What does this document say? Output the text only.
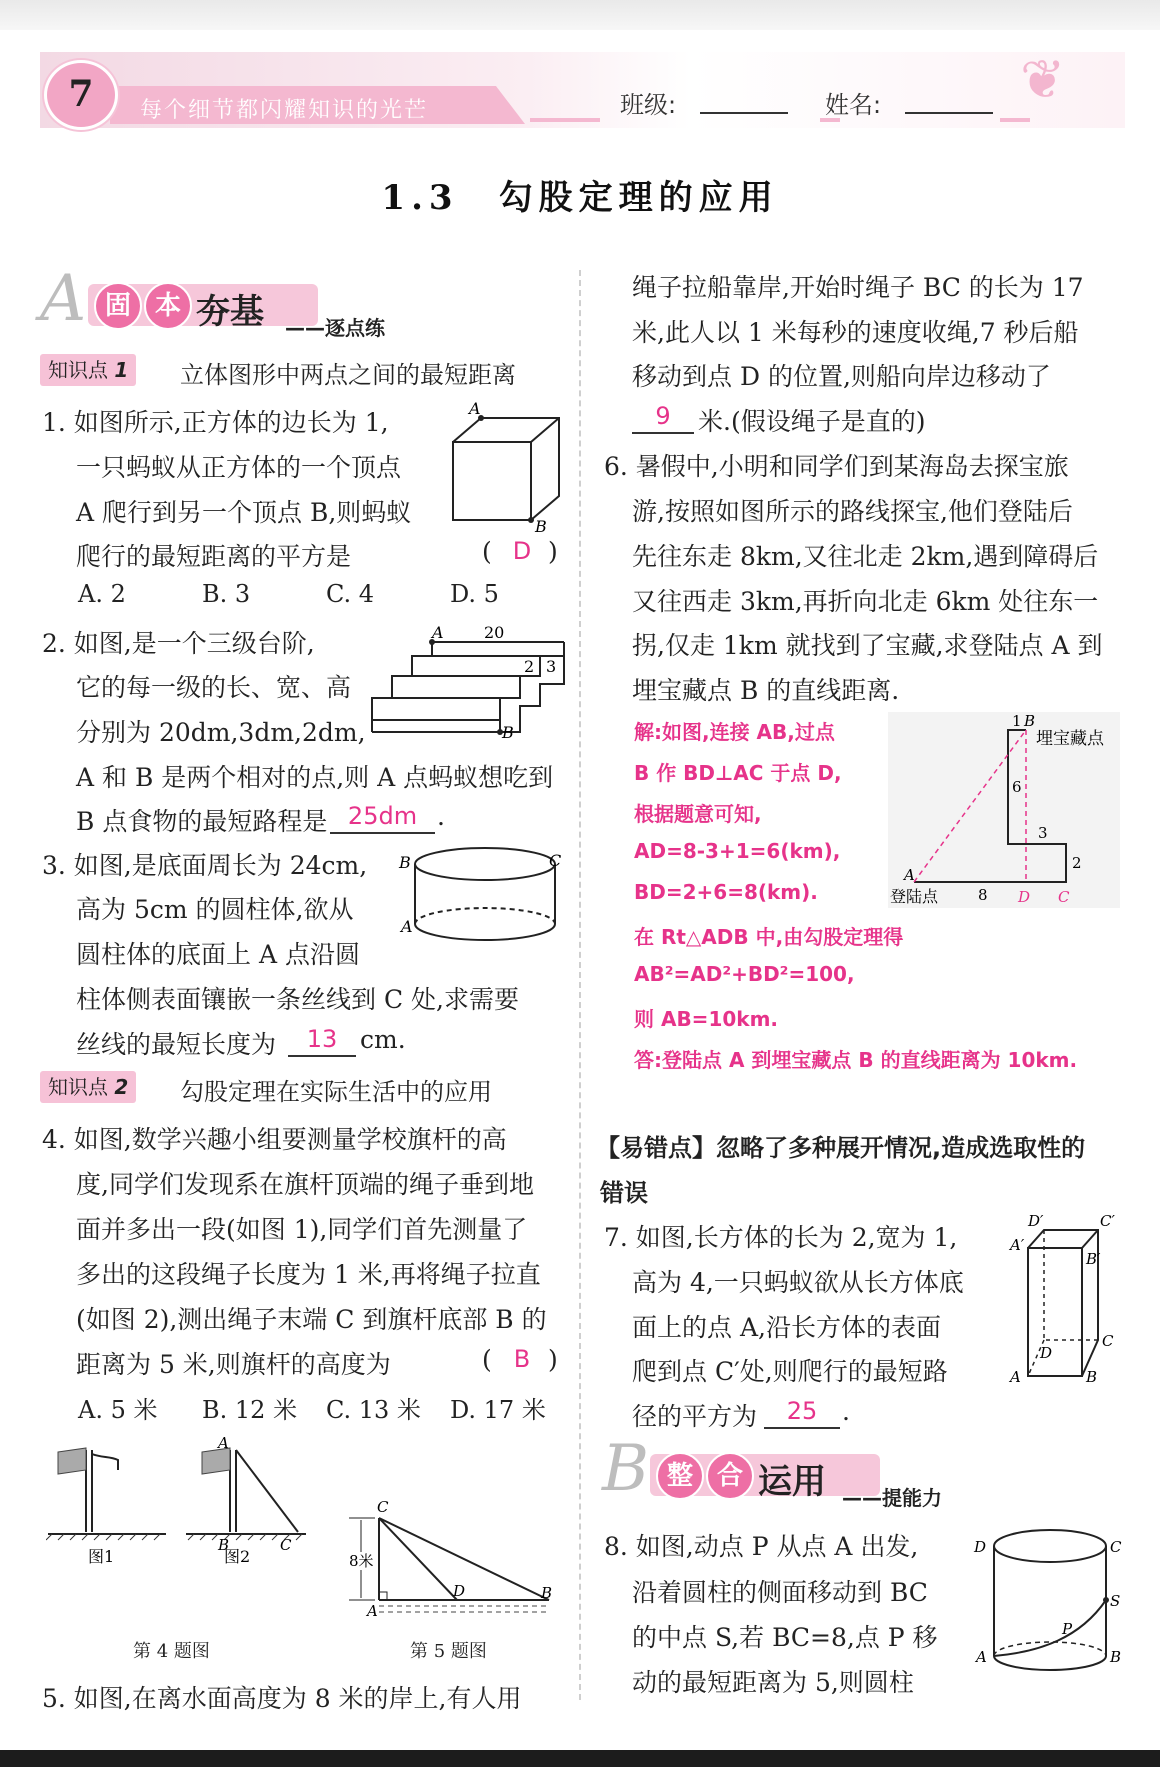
7	每个细节都闪耀知识的光芒	班级:	姓名:	❦
1.3　勾股定理的应用
A 固 本 夯基 ——逐点练
知识点 1	立体图形中两点之间的最短距离
1. 如图所示,正方体的边长为 1,
一只蚂蚁从正方体的一个顶点
A 爬行到另一个顶点 B,则蚂蚁
爬行的最短距离的平方是	( D )
A. 2	B. 3	C. 4	D. 5
A
B
2. 如图,是一个三级台阶,
它的每一级的长、宽、高
分别为 20dm,3dm,2dm,
A 和 B 是两个相对的点,则 A 点蚂蚁想吃到
B 点食物的最短路程是 25dm .
A	20
2 3
B
3. 如图,是底面周长为 24cm,
高为 5cm 的圆柱体,欲从
圆柱体的底面上 A 点沿圆
柱体侧表面镶嵌一条丝线到 C 处,求需要
丝线的最短长度为	13 cm.
B	C
A
知识点 2	勾股定理在实际生活中的应用
4. 如图,数学兴趣小组要测量学校旗杆的高
度,同学们发现系在旗杆顶端的绳子垂到地
面并多出一段(如图 1),同学们首先测量了
多出的这段绳子长度为 1 米,再将绳子拉直
(如图 2),测出绳子末端 C 到旗杆底部 B 的
距离为 5 米,则旗杆的高度为	( B )
A. 5 米 B. 12 米 C. 13 米 D. 17 米
A
B	C
图1	图2
第 4 题图
C
8米
D
A
B
第 5 题图
5. 如图,在离水面高度为 8 米的岸上,有人用
绳子拉船靠岸,开始时绳子 BC 的长为 17
米,此人以 1 米每秒的速度收绳,7 秒后船
移动到点 D 的位置,则船向岸边移动了
9	米.(假设绳子是直的)
6. 暑假中,小明和同学们到某海岛去探宝旅
游,按照如图所示的路线探宝,他们登陆后
先往东走 8km,又往北走 2km,遇到障碍后
又往西走 3km,再折向北走 6km 处往东一
拐,仅走 1km 就找到了宝藏,求登陆点 A 到
埋宝藏点 B 的直线距离.
解:如图,连接 AB,过点
B 作 BD⊥AC 于点 D,
根据题意可知,
AD=8-3+1=6(km),
BD=2+6=8(km).
在 Rt△ADB 中,由勾股定理得
AB²=AD²+BD²=100,
则 AB=10km.
答:登陆点 A 到埋宝藏点 B 的直线距离为 10km.
1 B
埋宝藏点
6
3
2
A
登陆点	8 D C
【易错点】忽略了多种展开情况,造成选取性的
错误
7. 如图,长方体的长为 2,宽为 1,
高为 4,一只蚂蚁欲从长方体底
面上的点 A,沿长方体的表面
爬到点 C′处,则爬行的最短路
径的平方为	25 .
D′	C′
A′
B′
C
D
A	B
B 整 合 运用 ——提能力
8. 如图,动点 P 从点 A 出发,
沿着圆柱的侧面移动到 BC
的中点 S,若 BC=8,点 P 移
动的最短距离为 5,则圆柱
D	C
S
P
A	B
